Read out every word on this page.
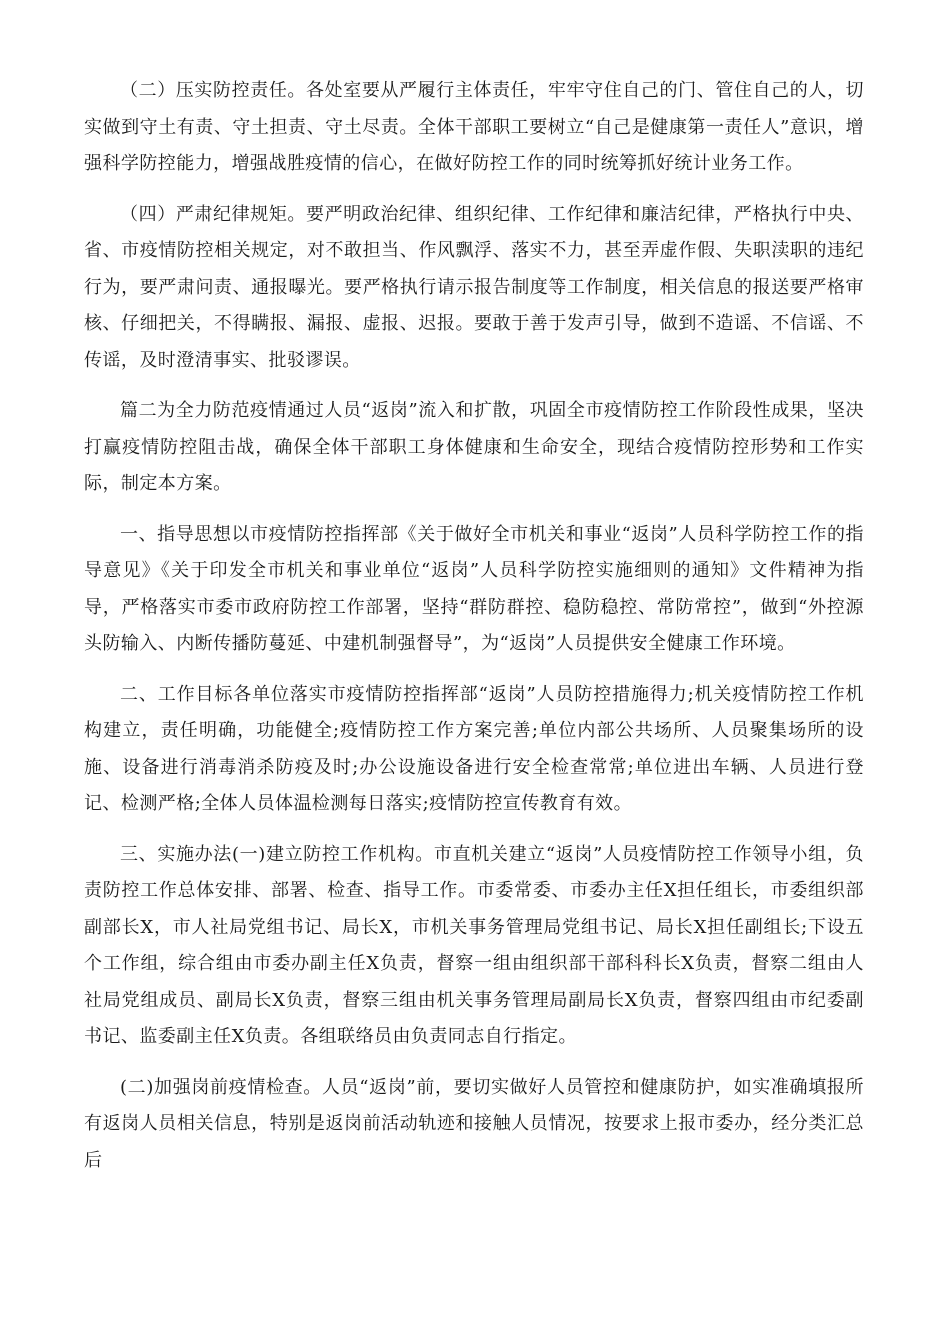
（二）压实防控责任。各处室要从严履行主体责任，牢牢守住自己的门、管住自己的人，切实做到守土有责、守土担责、守土尽责。全体干部职工要树立“自己是健康第一责任人”意识，增强科学防控能力，增强战胜疫情的信心，在做好防控工作的同时统筹抓好统计业务工作。

（四）严肃纪律规矩。要严明政治纪律、组织纪律、工作纪律和廉洁纪律，严格执行中央、省、市疫情防控相关规定，对不敢担当、作风飘浮、落实不力，甚至弄虚作假、失职渎职的违纪行为，要严肃问责、通报曝光。要严格执行请示报告制度等工作制度，相关信息的报送要严格审核、仔细把关，不得瞒报、漏报、虚报、迟报。要敢于善于发声引导，做到不造谣、不信谣、不传谣，及时澄清事实、批驳谬误。

篇二为全力防范疫情通过人员“返岗”流入和扩散，巩固全市疫情防控工作阶段性成果，坚决打赢疫情防控阻击战，确保全体干部职工身体健康和生命安全，现结合疫情防控形势和工作实际，制定本方案。

一、指导思想以市疫情防控指挥部《关于做好全市机关和事业“返岗”人员科学防控工作的指导意见》《关于印发全市机关和事业单位“返岗”人员科学防控实施细则的通知》文件精神为指导，严格落实市委市政府防控工作部署，坚持“群防群控、稳防稳控、常防常控”，做到“外控源头防输入、内断传播防蔓延、中建机制强督导”，为“返岗”人员提供安全健康工作环境。

二、工作目标各单位落实市疫情防控指挥部“返岗”人员防控措施得力;机关疫情防控工作机构建立，责任明确，功能健全;疫情防控工作方案完善;单位内部公共场所、人员聚集场所的设施、设备进行消毒消杀防疫及时;办公设施设备进行安全检查常常;单位进出车辆、人员进行登记、检测严格;全体人员体温检测每日落实;疫情防控宣传教育有效。

三、实施办法(一)建立防控工作机构。市直机关建立“返岗”人员疫情防控工作领导小组，负责防控工作总体安排、部署、检查、指导工作。市委常委、市委办主任X担任组长，市委组织部副部长X，市人社局党组书记、局长X，市机关事务管理局党组书记、局长X担任副组长;下设五个工作组，综合组由市委办副主任X负责，督察一组由组织部干部科科长X负责，督察二组由人社局党组成员、副局长X负责，督察三组由机关事务管理局副局长X负责，督察四组由市纪委副书记、监委副主任X负责。各组联络员由负责同志自行指定。

(二)加强岗前疫情检查。人员“返岗”前，要切实做好人员管控和健康防护，如实准确填报所有返岗人员相关信息，特别是返岗前活动轨迹和接触人员情况，按要求上报市委办，经分类汇总后
